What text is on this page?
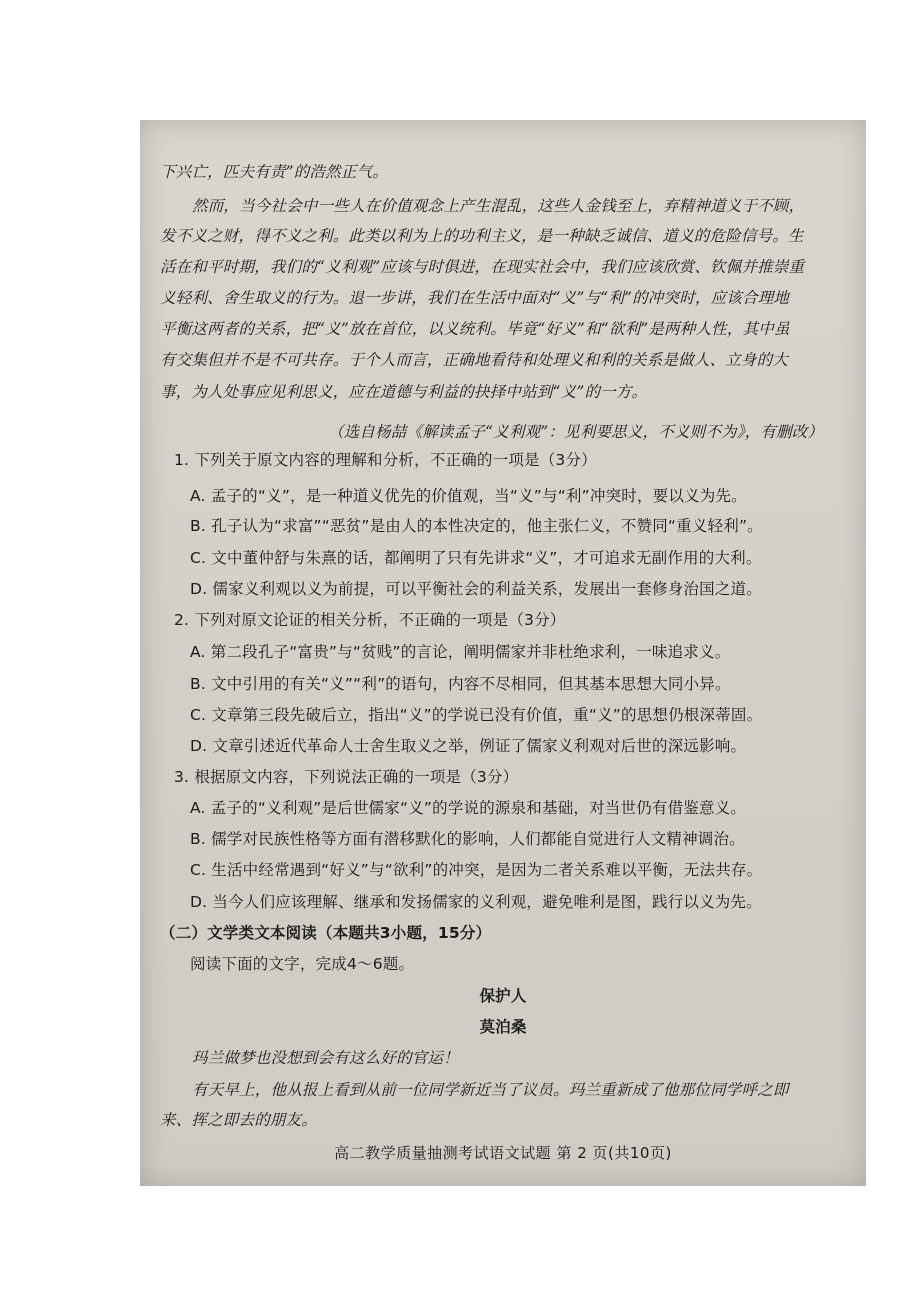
下兴亡，匹夫有责”的浩然正气。
然而，当今社会中一些人在价值观念上产生混乱，这些人金钱至上，弃精神道义于不顾，
发不义之财，得不义之利。此类以利为上的功利主义，是一种缺乏诚信、道义的危险信号。生
活在和平时期，我们的“义利观”应该与时俱进，在现实社会中，我们应该欣赏、钦佩并推崇重
义轻利、舍生取义的行为。退一步讲，我们在生活中面对“义”与“利”的冲突时，应该合理地
平衡这两者的关系，把“义”放在首位，以义统利。毕竟“好义”和“欲利”是两种人性，其中虽
有交集但并不是不可共存。于个人而言，正确地看待和处理义和利的关系是做人、立身的大
事，为人处事应见利思义，应在道德与利益的抉择中站到“义”的一方。
（选自杨喆《解读孟子“义利观”：见利要思义，不义则不为》，有删改）
1. 下列关于原文内容的理解和分析，不正确的一项是（3分）
A. 孟子的“义”，是一种道义优先的价值观，当“义”与“利”冲突时，要以义为先。
B. 孔子认为“求富”“恶贫”是由人的本性决定的，他主张仁义，不赞同“重义轻利”。
C. 文中董仲舒与朱熹的话，都阐明了只有先讲求“义”，才可追求无副作用的大利。
D. 儒家义利观以义为前提，可以平衡社会的利益关系，发展出一套修身治国之道。
2. 下列对原文论证的相关分析，不正确的一项是（3分）
A. 第二段孔子“富贵”与“贫贱”的言论，阐明儒家并非杜绝求利，一味追求义。
B. 文中引用的有关“义”“利”的语句，内容不尽相同，但其基本思想大同小异。
C. 文章第三段先破后立，指出“义”的学说已没有价值，重“义”的思想仍根深蒂固。
D. 文章引述近代革命人士舍生取义之举，例证了儒家义利观对后世的深远影响。
3. 根据原文内容，下列说法正确的一项是（3分）
A. 孟子的“义利观”是后世儒家“义”的学说的源泉和基础，对当世仍有借鉴意义。
B. 儒学对民族性格等方面有潜移默化的影响，人们都能自觉进行人文精神调治。
C. 生活中经常遇到“好义”与“欲利”的冲突，是因为二者关系难以平衡，无法共存。
D. 当今人们应该理解、继承和发扬儒家的义利观，避免唯利是图，践行以义为先。
（二）文学类文本阅读（本题共3小题，15分）
阅读下面的文字，完成4～6题。
保护人
莫泊桑
玛兰做梦也没想到会有这么好的官运！
有天早上，他从报上看到从前一位同学新近当了议员。玛兰重新成了他那位同学呼之即
来、挥之即去的朋友。
高二教学质量抽测考试语文试题 第 2 页(共10页)
